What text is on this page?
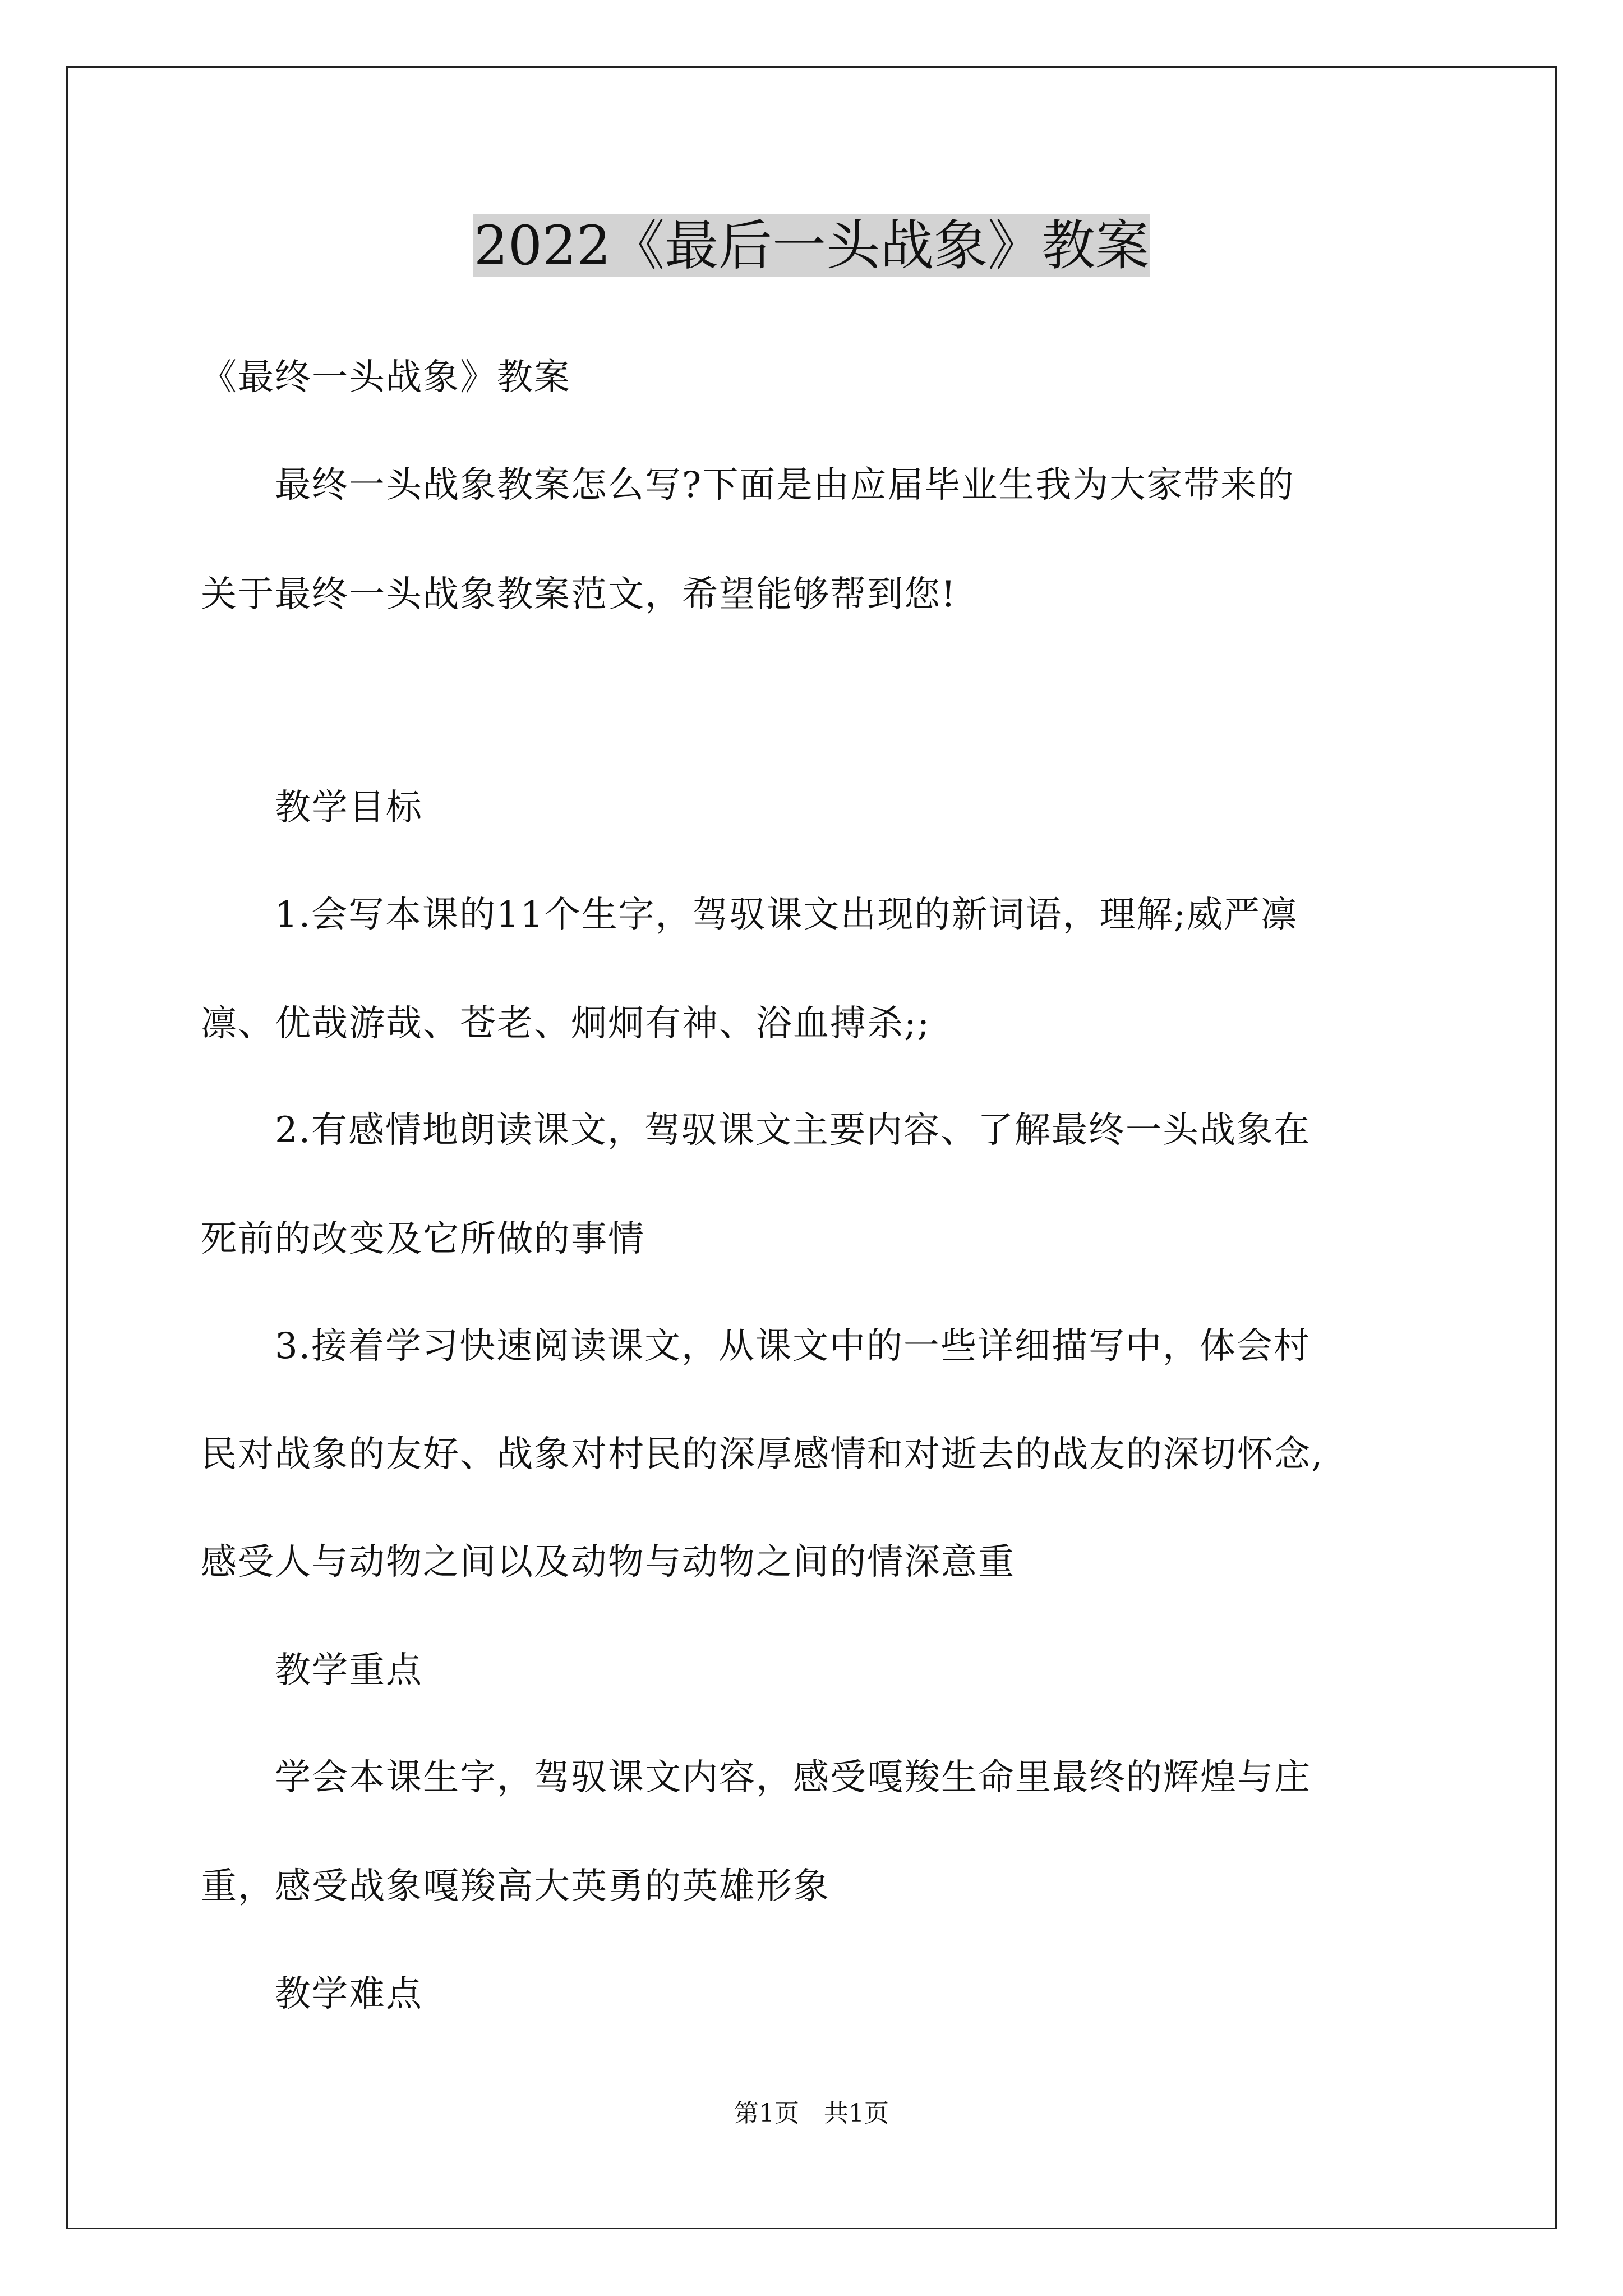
2022《最后一头战象》教案
《最终一头战象》教案
　　最终一头战象教案怎么写?下面是由应届毕业生我为大家带来的
关于最终一头战象教案范文，希望能够帮到您!
　　教学目标
　　1.会写本课的11个生字，驾驭课文出现的新词语，理解;威严凛
凛、优哉游哉、苍老、炯炯有神、浴血搏杀;;
　　2.有感情地朗读课文，驾驭课文主要内容、了解最终一头战象在
死前的改变及它所做的事情
　　3.接着学习快速阅读课文，从课文中的一些详细描写中，体会村
民对战象的友好、战象对村民的深厚感情和对逝去的战友的深切怀念,
感受人与动物之间以及动物与动物之间的情深意重
　　教学重点
　　学会本课生字，驾驭课文内容，感受嘎羧生命里最终的辉煌与庄
重，感受战象嘎羧高大英勇的英雄形象
　　教学难点
第1页　共1页
